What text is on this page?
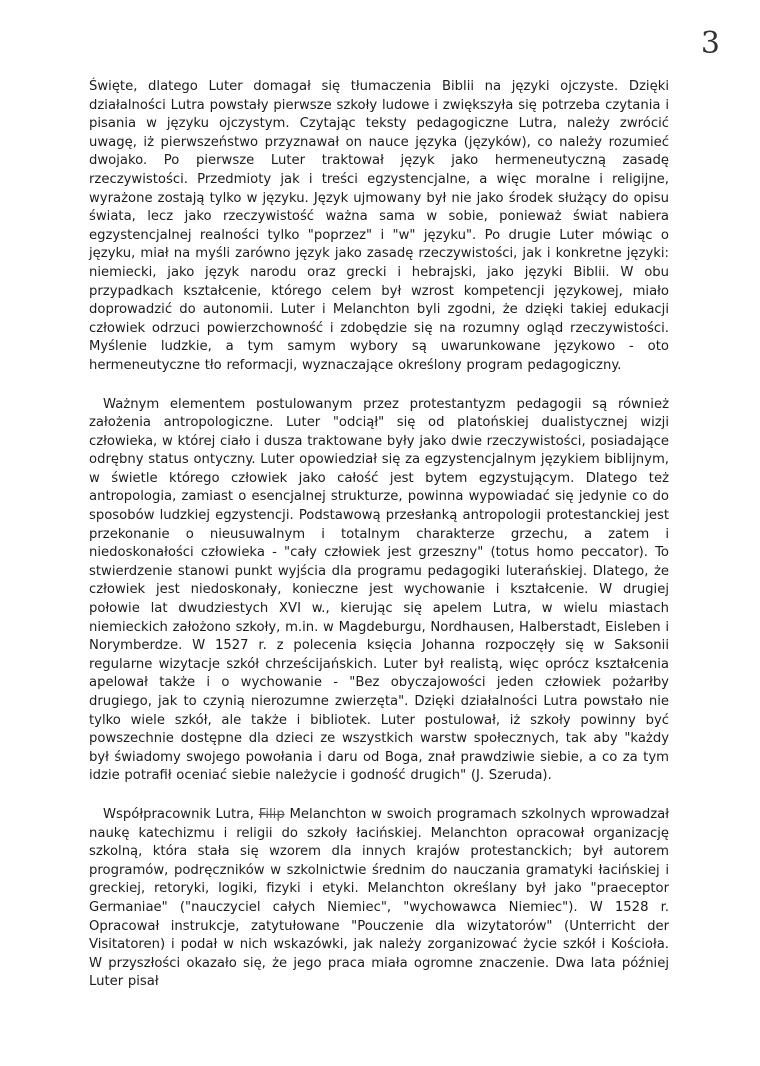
3

Święte, dlatego Luter domagał się tłumaczenia Biblii na języki ojczyste. Dzięki działalności Lutra powstały pierwsze szkoły ludowe i zwiększyła się potrzeba czytania i pisania w języku ojczystym. Czytając teksty pedagogiczne Lutra, należy zwrócić uwagę, iż pierwszeństwo przyznawał on nauce języka (języków), co należy rozumieć dwojako. Po pierwsze Luter traktował język jako hermeneutyczną zasadę rzeczywistości. Przedmioty jak i treści egzystencjalne, a więc moralne i religijne, wyrażone zostają tylko w języku. Język ujmowany był nie jako środek służący do opisu świata, lecz jako rzeczywistość ważna sama w sobie, ponieważ świat nabiera egzystencjalnej realności tylko "poprzez" i "w" języku". Po drugie Luter mówiąc o języku, miał na myśli zarówno język jako zasadę rzeczywistości, jak i konkretne języki: niemiecki, jako język narodu oraz grecki i hebrajski, jako języki Biblii. W obu przypadkach kształcenie, którego celem był wzrost kompetencji językowej, miało doprowadzić do autonomii. Luter i Melanchton byli zgodni, że dzięki takiej edukacji człowiek odrzuci powierzchowność i zdobędzie się na rozumny ogląd rzeczywistości. Myślenie ludzkie, a tym samym wybory są uwarunkowane językowo - oto hermeneutyczne tło reformacji, wyznaczające określony program pedagogiczny.

Ważnym elementem postulowanym przez protestantyzm pedagogii są również założenia antropologiczne. Luter "odciął" się od platońskiej dualistycznej wizji człowieka, w której ciało i dusza traktowane były jako dwie rzeczywistości, posiadające odrębny status ontyczny. Luter opowiedział się za egzystencjalnym językiem biblijnym, w świetle którego człowiek jako całość jest bytem egzystującym. Dlatego też antropologia, zamiast o esencjalnej strukturze, powinna wypowiadać się jedynie co do sposobów ludzkiej egzystencji. Podstawową przesłanką antropologii protestanckiej jest przekonanie o nieusuwalnym i totalnym charakterze grzechu, a zatem i niedoskonałości człowieka - "cały człowiek jest grzeszny" (totus homo peccator). To stwierdzenie stanowi punkt wyjścia dla programu pedagogiki luterańskiej. Dlatego, że człowiek jest niedoskonały, konieczne jest wychowanie i kształcenie. W drugiej połowie lat dwudziestych XVI w., kierując się apelem Lutra, w wielu miastach niemieckich założono szkoły, m.in. w Magdeburgu, Nordhausen, Halberstadt, Eisleben i Norymberdze. W 1527 r. z polecenia księcia Johanna rozpoczęły się w Saksonii regularne wizytacje szkół chrześcijańskich. Luter był realistą, więc oprócz kształcenia apelował także i o wychowanie - "Bez obyczajowości jeden człowiek pożarłby drugiego, jak to czynią nierozumne zwierzęta". Dzięki działalności Lutra powstało nie tylko wiele szkół, ale także i bibliotek. Luter postulował, iż szkoły powinny być powszechnie dostępne dla dzieci ze wszystkich warstw społecznych, tak aby "każdy był świadomy swojego powołania i daru od Boga, znał prawdziwie siebie, a co za tym idzie potrafił oceniać siebie należycie i godność drugich" (J. Szeruda).

Współpracownik Lutra, Filip Melanchton w swoich programach szkolnych wprowadzał naukę katechizmu i religii do szkoły łacińskiej. Melanchton opracował organizację szkolną, która stała się wzorem dla innych krajów protestanckich; był autorem programów, podręczników w szkolnictwie średnim do nauczania gramatyki łacińskiej i greckiej, retoryki, logiki, fizyki i etyki. Melanchton określany był jako "praeceptor Germaniae" ("nauczyciel całych Niemiec", "wychowawca Niemiec"). W 1528 r. Opracował instrukcje, zatytułowane "Pouczenie dla wizytatorów" (Unterricht der Visitatoren) i podał w nich wskazówki, jak należy zorganizować życie szkół i Kościoła. W przyszłości okazało się, że jego praca miała ogromne znaczenie. Dwa lata później Luter pisał
